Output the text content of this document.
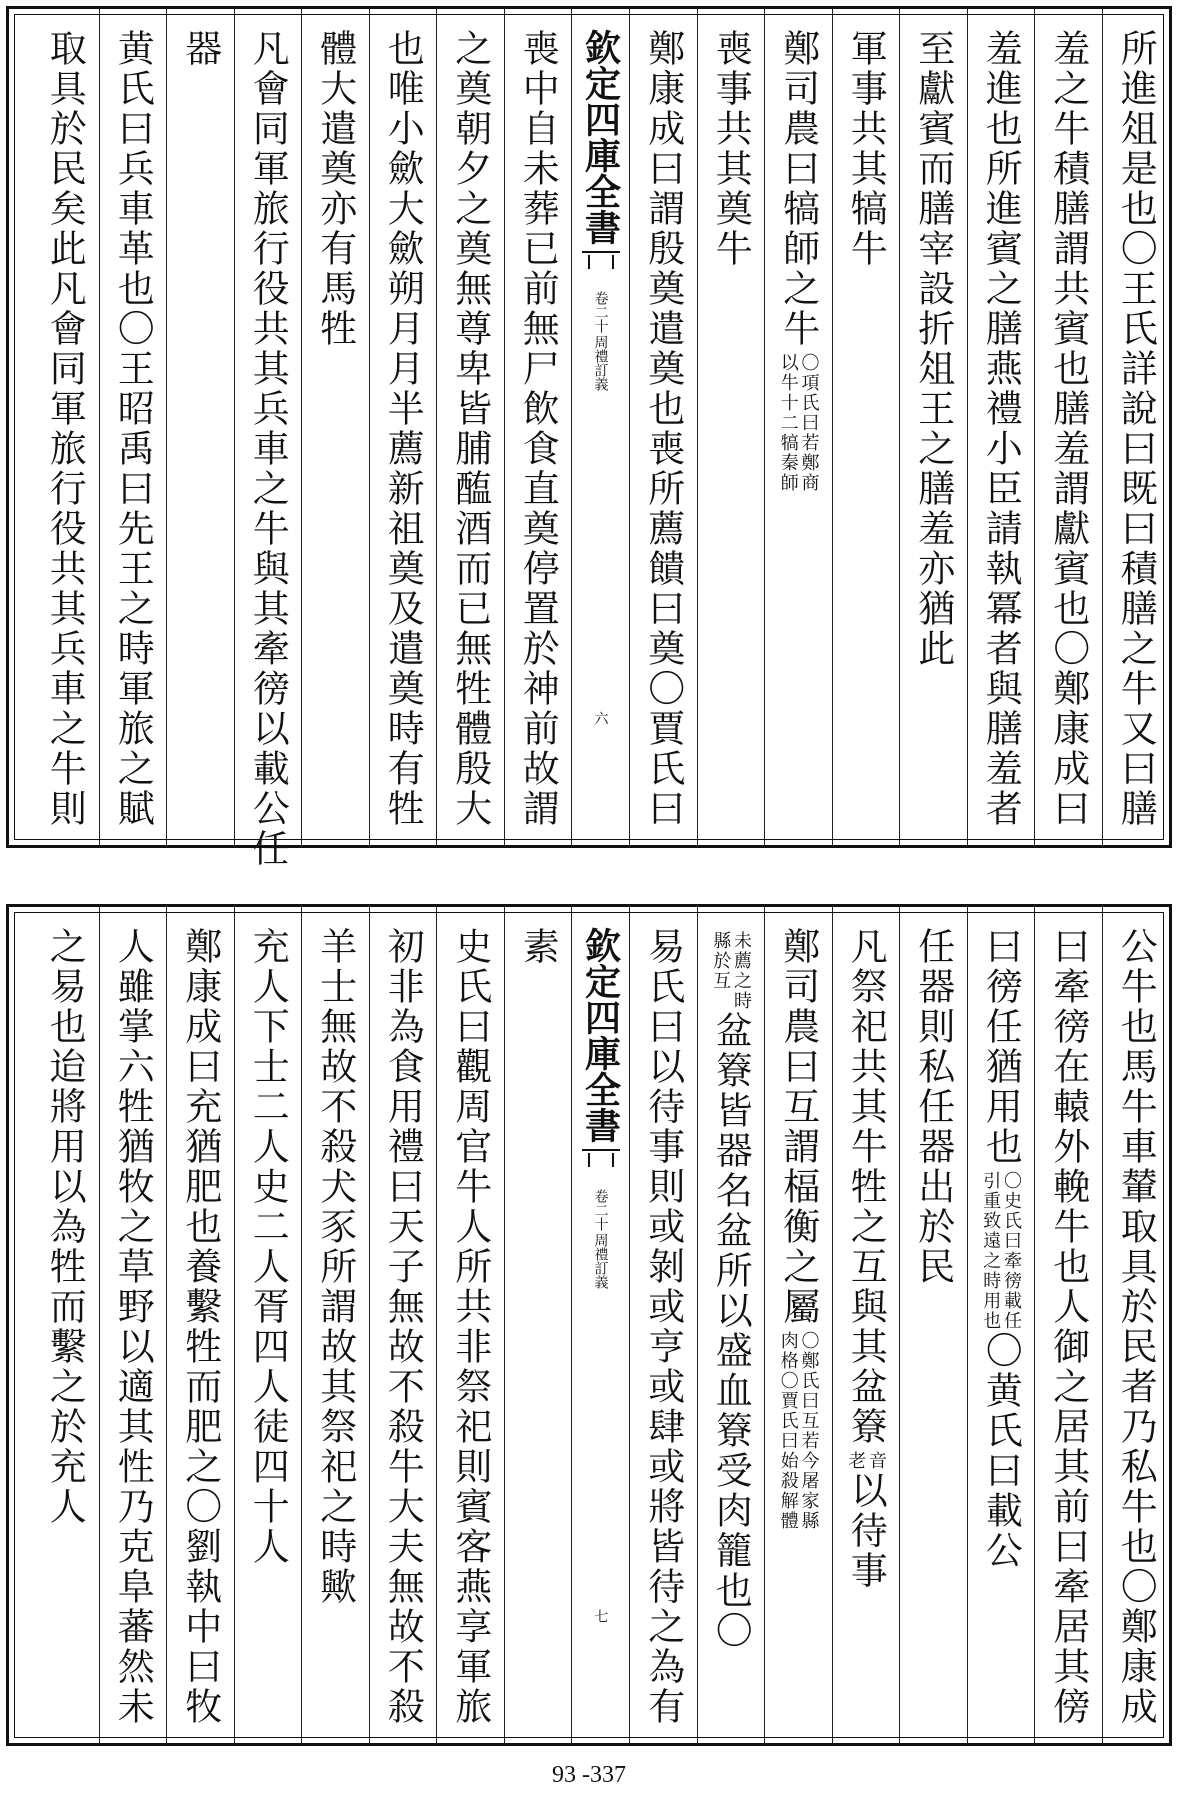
所進俎是也〇王氏詳說曰既曰積膳之牛又曰膳
羞之牛積膳謂共賓也膳羞謂獻賓也〇鄭康成曰
羞進也所進賓之膳燕禮小臣請執冪者與膳羞者
至獻賓而膳宰設折俎王之膳羞亦猶此
軍事共其犒牛
鄭司農曰犒師之牛
〇項氏曰若鄭商
以牛十二犒秦師
喪事共其奠牛
鄭康成曰謂殷奠遣奠也喪所薦饋曰奠〇賈氏曰
欽定四庫全書
周禮訂義
卷二十
六
喪中自未葬已前無尸飲食直奠停置於神前故謂
之奠朝夕之奠無尊卑皆脯醢酒而已無牲體殷大
也唯小歛大歛朔月月半薦新祖奠及遣奠時有牲
體大遣奠亦有馬牲
凡會同軍旅行役共其兵車之牛與其牽徬以載公任
器
黄氏曰兵車革也〇王昭禹曰先王之時軍旅之賦
取具於民矣此凡會同軍旅行役共其兵車之牛則
公牛也馬牛車輦取具於民者乃私牛也〇鄭康成
曰牽徬在轅外輓牛也人御之居其前曰牽居其傍
曰徬任猶用也
〇史氏曰牽徬載任
引重致遠之時用也
〇黄氏曰載公
任器則私任器出於民
凡祭祀共其牛牲之互與其盆簝
音
老
以待事
鄭司農曰互謂楅衡之屬
〇鄭氏曰互若今屠家縣
肉格〇賈氏曰始殺解體
未薦之時
縣於互
盆簝皆器名盆所以盛血簝受肉籠也〇
易氏曰以待事則或剝或亨或肆或將皆待之為有
欽定四庫全書
周禮訂義
卷二十
七
素
史氏曰觀周官牛人所共非祭祀則賓客燕享軍旅
初非為食用禮曰天子無故不殺牛大夫無故不殺
羊士無故不殺犬豕所謂故其祭祀之時歟
充人下士二人史二人胥四人徒四十人
鄭康成曰充猶肥也養繫牲而肥之〇劉執中曰牧
人雖掌六牲猶牧之草野以適其性乃克阜蕃然未
之易也迨將用以為牲而繫之於充人
93 -337
